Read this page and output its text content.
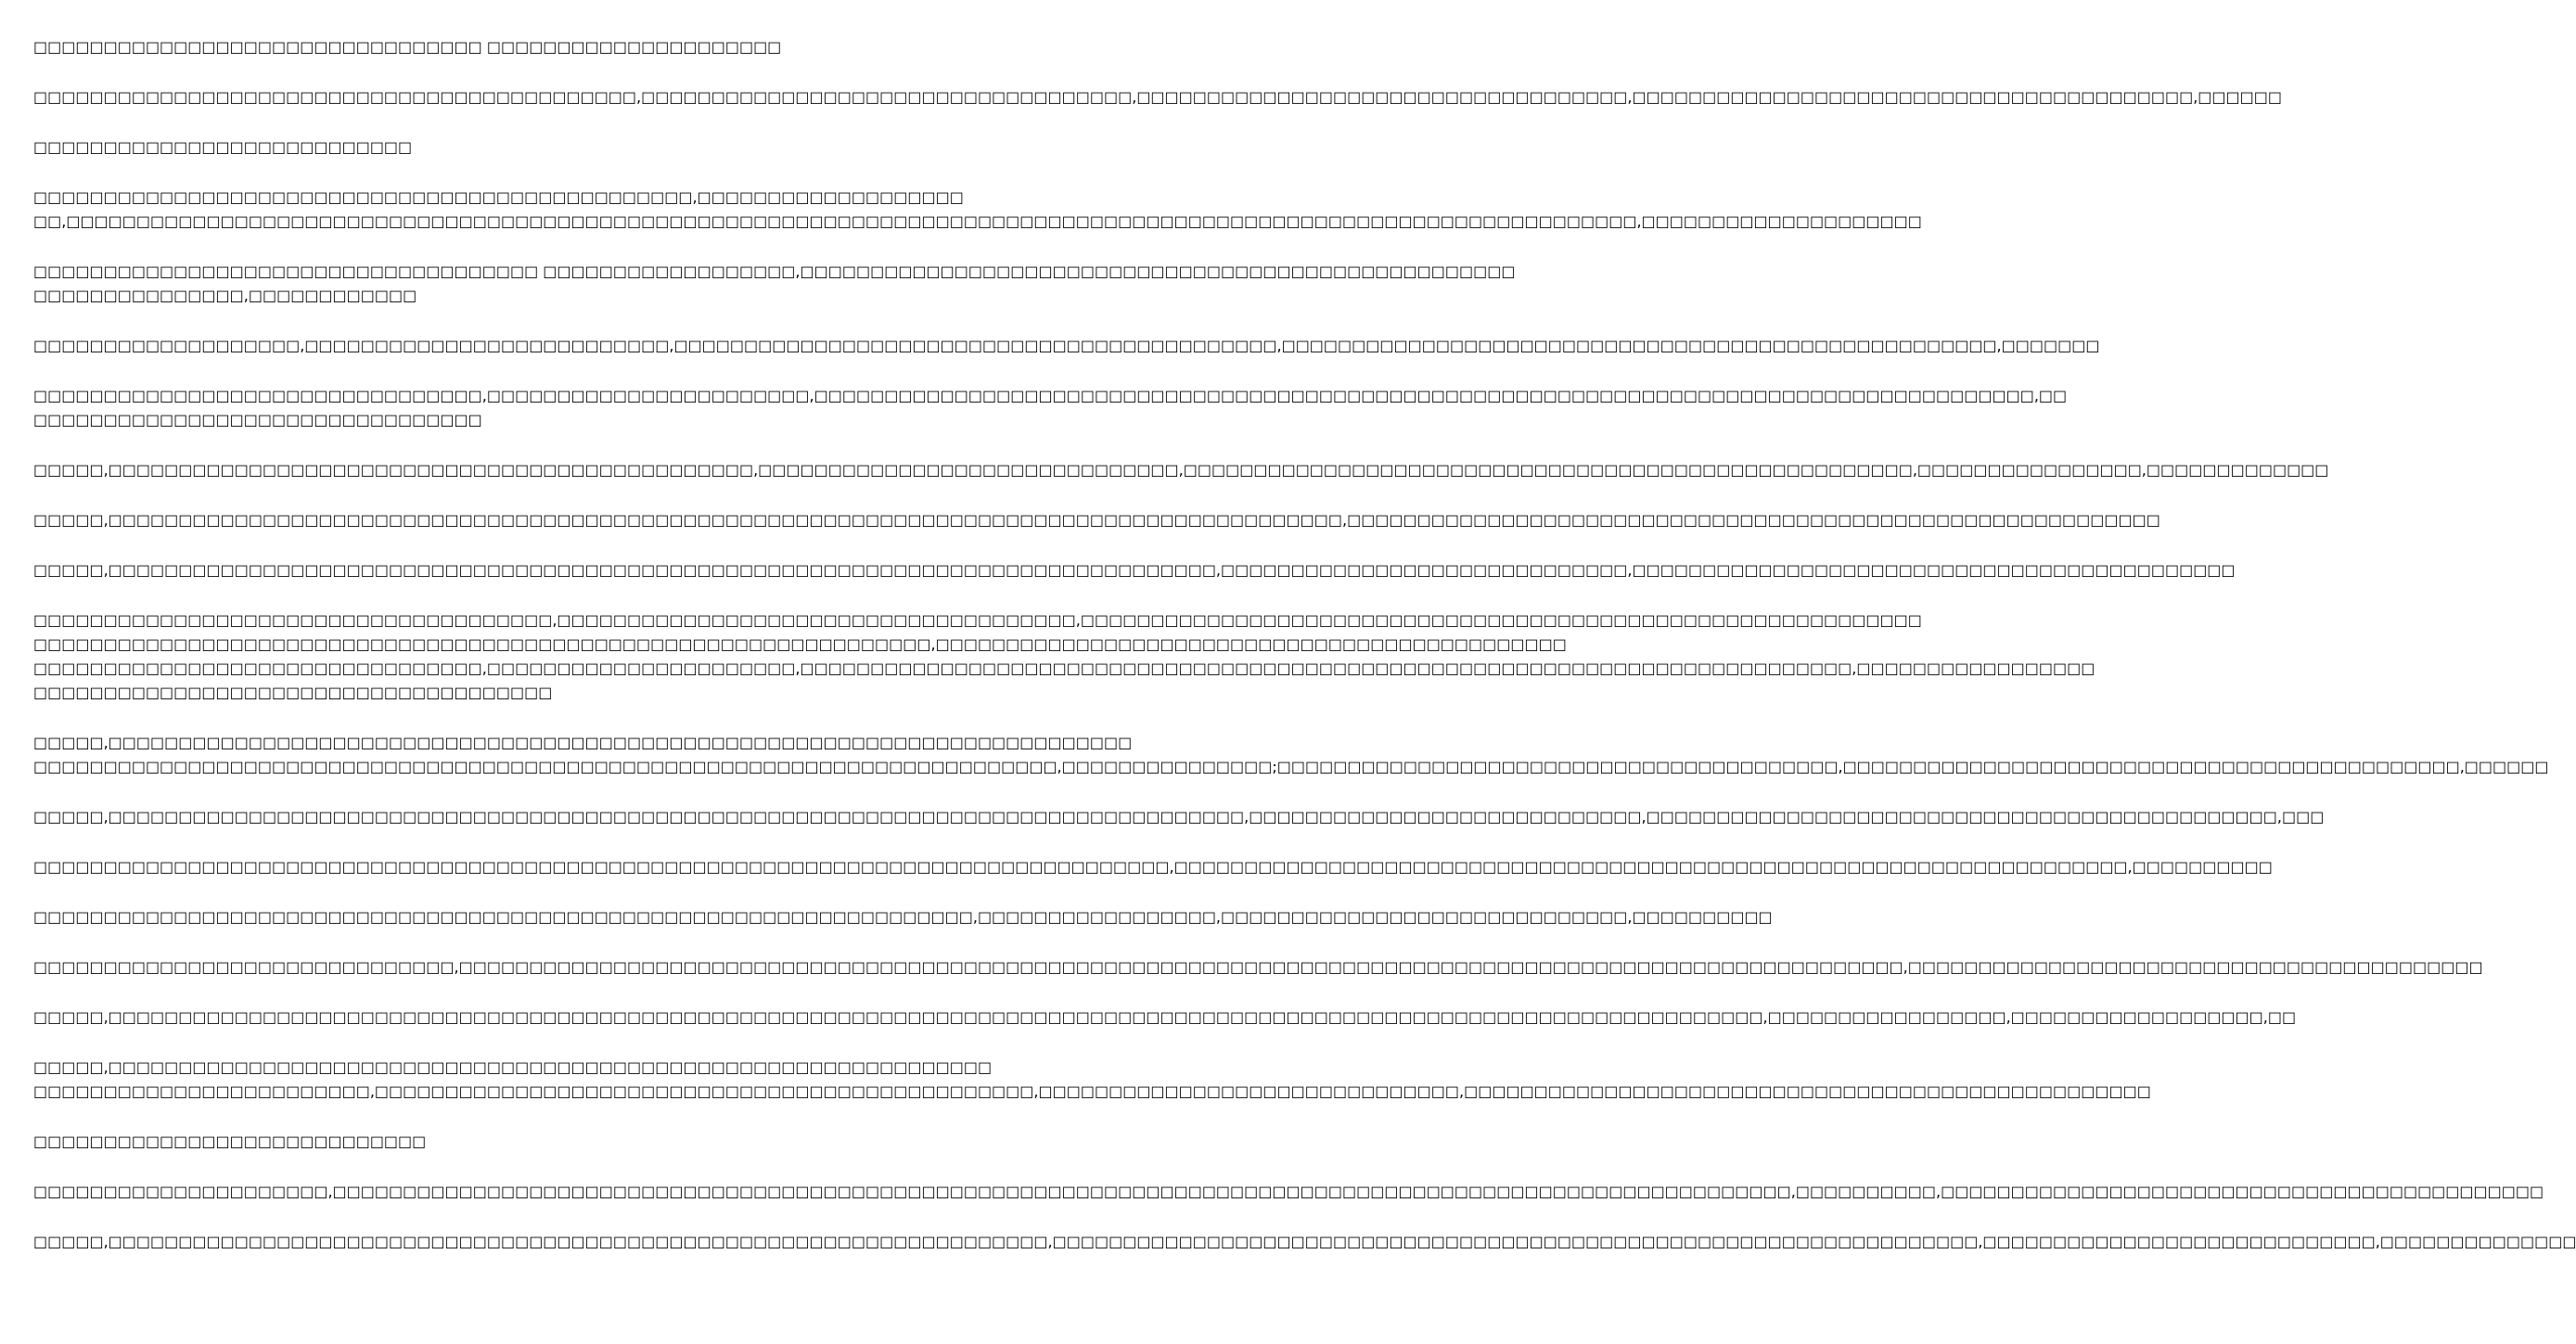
□□□□□□□□□□□□□□□□□□□□□□□□□□□□□□□□ □□□□□□□□□□□□□□□□□□□□□
□□□□□□□□□□□□□□□□□□□□□□□□□□□□□□□□□□□□□□□□□□□,□□□□□□□□□□□□□□□□□□□□□□□□□□□□□□□□□□□,□□□□□□□□□□□□□□□□□□□□□□□□□□□□□□□□□□□,□□□□□□□□□□□□□□□□□□□□□□□□□□□□□□□□□□□□□□□□,□□□□□□
□□□□□□□□□□□□□□□□□□□□□□□□□□□
□□□□□□□□□□□□□□□□□□□□□□□□□□□□□□□□□□□□□□□□□□□□□□□,□□□□□□□□□□□□□□□□□□□
□□,□□□□□□□□□□□□□□□□□□□□□□□□□□□□□□□□□□□□□□□□□□□□□□□□□□□□□□□□□□□□□□□□□□□□□□□□□□□□□□□□□□□□□□□□□□□□□□□□□□□□□□□□□□□□□□□□,□□□□□□□□□□□□□□□□□□□□
□□□□□□□□□□□□□□□□□□□□□□□□□□□□□□□□□□□□ □□□□□□□□□□□□□□□□□□,□□□□□□□□□□□□□□□□□□□□□□□□□□□□□□□□□□□□□□□□□□□□□□□□□□□
□□□□□□□□□□□□□□□,□□□□□□□□□□□□
□□□□□□□□□□□□□□□□□□□,□□□□□□□□□□□□□□□□□□□□□□□□□□,□□□□□□□□□□□□□□□□□□□□□□□□□□□□□□□□□□□□□□□□□□□,□□□□□□□□□□□□□□□□□□□□□□□□□□□□□□□□□□□□□□□□□□□□□□□□□□□,□□□□□□□
□□□□□□□□□□□□□□□□□□□□□□□□□□□□□□□□,□□□□□□□□□□□□□□□□□□□□□□□,□□□□□□□□□□□□□□□□□□□□□□□□□□□□□□□□□□□□□□□□□□□□□□□□□□□□□□□□□□□□□□□□□□□□□□□□□□□□□□□□□□□□□□□,□□
□□□□□□□□□□□□□□□□□□□□□□□□□□□□□□□□
□□□□□,□□□□□□□□□□□□□□□□□□□□□□□□□□□□□□□□□□□□□□□□□□□□□□,□□□□□□□□□□□□□□□□□□□□□□□□□□□□□□,□□□□□□□□□□□□□□□□□□□□□□□□□□□□□□□□□□□□□□□□□□□□□□□□□□□□,□□□□□□□□□□□□□□□□,□□□□□□□□□□□□□
□□□□□,□□□□□□□□□□□□□□□□□□□□□□□□□□□□□□□□□□□□□□□□□□□□□□□□□□□□□□□□□□□□□□□□□□□□□□□□□□□□□□□□□□□□□□□□,□□□□□□□□□□□□□□□□□□□□□□□□□□□□□□□□□□□□□□□□□□□□□□□□□□□□□□□□□□
□□□□□,□□□□□□□□□□□□□□□□□□□□□□□□□□□□□□□□□□□□□□□□□□□□□□□□□□□□□□□□□□□□□□□□□□□□□□□□□□□□□□□,□□□□□□□□□□□□□□□□□□□□□□□□□□□□□,□□□□□□□□□□□□□□□□□□□□□□□□□□□□□□□□□□□□□□□□□□□
□□□□□□□□□□□□□□□□□□□□□□□□□□□□□□□□□□□□□,□□□□□□□□□□□□□□□□□□□□□□□□□□□□□□□□□□□□□,□□□□□□□□□□□□□□□□□□□□□□□□□□□□□□□□□□□□□□□□□□□□□□□□□□□□□□□□□□□□
□□□□□□□□□□□□□□□□□□□□□□□□□□□□□□□□□□□□□□□□□□□□□□□□□□□□□□□□□□□□□□□□,□□□□□□□□□□□□□□□□□□□□□□□□□□□□□□□□□□□□□□□□□□□□□
□□□□□□□□□□□□□□□□□□□□□□□□□□□□□□□□,□□□□□□□□□□□□□□□□□□□□□□,□□□□□□□□□□□□□□□□□□□□□□□□□□□□□□□□□□□□□□□□□□□□□□□□□□□□□□□□□□□□□□□□□□□□□□□□□□□,□□□□□□□□□□□□□□□□□
□□□□□□□□□□□□□□□□□□□□□□□□□□□□□□□□□□□□□
□□□□□,□□□□□□□□□□□□□□□□□□□□□□□□□□□□□□□□□□□□□□□□□□□□□□□□□□□□□□□□□□□□□□□□□□□□□□□□□
□□□□□□□□□□□□□□□□□□□□□□□□□□□□□□□□□□□□□□□□□□□□□□□□□□□□□□□□□□□□□□□□□□□□□□□□□,□□□□□□□□□□□□□□□;□□□□□□□□□□□□□□□□□□□□□□□□□□□□□□□□□□□□□□□□,□□□□□□□□□□□□□□□□□□□□□□□□□□□□□□□□□□□□□□□□□□□□,□□□□□□
□□□□□,□□□□□□□□□□□□□□□□□□□□□□□□□□□□□□□□□□□□□□□□□□□□□□□□□□□□□□□□□□□□□□□□□□□□□□□□□□□□□□□□□,□□□□□□□□□□□□□□□□□□□□□□□□□□□□,□□□□□□□□□□□□□□□□□□□□□□□□□□□□□□□□□□□□□□□□□□□□□,□□□
□□□□□□□□□□□□□□□□□□□□□□□□□□□□□□□□□□□□□□□□□□□□□□□□□□□□□□□□□□□□□□□□□□□□□□□□□□□□□□□□□,□□□□□□□□□□□□□□□□□□□□□□□□□□□□□□□□□□□□□□□□□□□□□□□□□□□□□□□□□□□□□□□□□□□□,□□□□□□□□□□
□□□□□□□□□□□□□□□□□□□□□□□□□□□□□□□□□□□□□□□□□□□□□□□□□□□□□□□□□□□□□□□□□□□,□□□□□□□□□□□□□□□□□,□□□□□□□□□□□□□□□□□□□□□□□□□□□□□,□□□□□□□□□□
□□□□□□□□□□□□□□□□□□□□□□□□□□□□□□,□□□□□□□□□□□□□□□□□□□□□□□□□□□□□□□□□□□□□□□□□□□□□□□□□□□□□□□□□□□□□□□□□□□□□□□□□□□□□□□□□□□□□□□□□□□□□□□□□□□□□□□,□□□□□□□□□□□□□□□□□□□□□□□□□□□□□□□□□□□□□□□□□
□□□□□,□□□□□□□□□□□□□□□□□□□□□□□□□□□□□□□□□□□□□□□□□□□□□□□□□□□□□□□□□□□□□□□□□□□□□□□□□□□□□□□□□□□□□□□□□□□□□□□□□□□□□□□□□□□□□□□□□□□□□□,□□□□□□□□□□□□□□□□□,□□□□□□□□□□□□□□□□□□,□□
□□□□□,□□□□□□□□□□□□□□□□□□□□□□□□□□□□□□□□□□□□□□□□□□□□□□□□□□□□□□□□□□□□□□□
□□□□□□□□□□□□□□□□□□□□□□□□,□□□□□□□□□□□□□□□□□□□□□□□□□□□□□□□□□□□□□□□□□□□□□□□,□□□□□□□□□□□□□□□□□□□□□□□□□□□□□□,□□□□□□□□□□□□□□□□□□□□□□□□□□□□□□□□□□□□□□□□□□□□□□□□□
□□□□□□□□□□□□□□□□□□□□□□□□□□□□
□□□□□□□□□□□□□□□□□□□□□,□□□□□□□□□□□□□□□□□□□□□□□□□□□□□□□□□□□□□□□□□□□□□□□□□□□□□□□□□□□□□□□□□□□□□□□□□□□□□□□□□□□□□□□□□□□□□□□□□□□□□□□□,□□□□□□□□□□,□□□□□□□□□□□□□□□□□□□□□□□□□□□□□□□□□□□□□□□□□□□
□□□□□,□□□□□□□□□□□□□□□□□□□□□□□□□□□□□□□□□□□□□□□□□□□□□□□□□□□□□□□□□□□□□□□□□□□,□□□□□□□□□□□□□□□□□□□□□□□□□□□□□□□□□□□□□□□□□□□□□□□□□□□□□□□□□□□□□□□□□□,□□□□□□□□□□□□□□□□□□□□□□□□□□□□,□□□□□□□□□□□□□□
